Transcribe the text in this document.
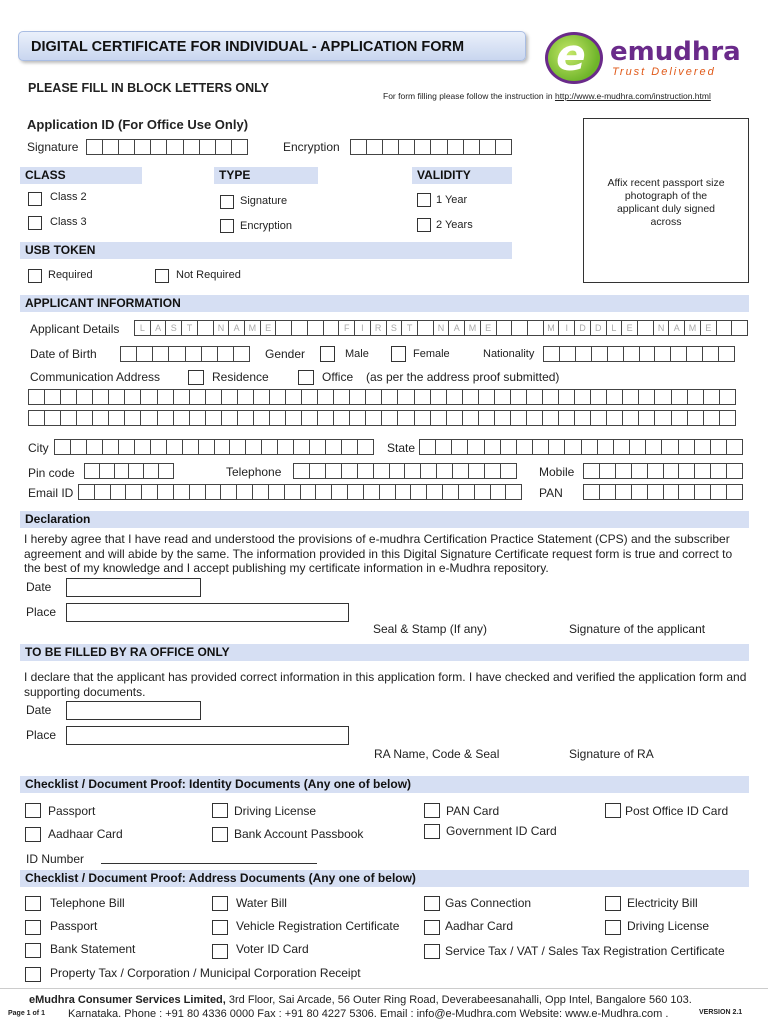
DIGITAL CERTIFICATE FOR INDIVIDUAL - APPLICATION FORM	e emudhra
Trust Delivered
PLEASE FILL IN BLOCK LETTERS ONLY
For form filling please follow the instruction in http://www.e-mudhra.com/instruction.html
Application ID (For Office Use Only)
Signature	Encryption
Affix recent passport size photograph of the applicant duly signed across
CLASS
Class 2
Class 3
TYPE
Signature
Encryption
VALIDITY
1 Year
2 Years
USB TOKEN
Required	Not Required
APPLICANT INFORMATION
Applicant Details	L	A	S	T	N	A M E	F	I	R	S	T	N	A M E	M	I	D	D	L	E	N	A M E
Date of Birth	Gender	Male	Female	Nationality
Communication Address	Residence	Office (as per the address proof submitted)
City	State
Pin code	Telephone	Mobile
Email ID	PAN
Declaration
I hereby agree that I have read and understood the provisions of e-mudhra Certification Practice Statement (CPS) and the subscriber agreement and will abide by the same. The information provided in this Digital Signature Certificate request form is true and correct to the best of my knowledge and I accept publishing my certificate information in e-Mudhra repository.
Date
Place
Seal & Stamp (If any)	Signature of the applicant
TO BE FILLED BY RA OFFICE ONLY
I declare that the applicant has provided correct information in this application form. I have checked and verified the application form and supporting documents.
Date
Place
RA Name, Code & Seal	Signature of RA
Checklist / Document Proof: Identity Documents (Any one of below)
Passport	Driving License	PAN Card	Post Office ID Card
Aadhaar Card	Bank Account Passbook	Government ID Card
ID Number
Checklist / Document Proof: Address Documents (Any one of below)
Telephone Bill	Water Bill	Gas Connection	Electricity Bill
Passport	Vehicle Registration Certificate	Aadhar Card	Driving License
Bank Statement	Voter ID Card	Service Tax / VAT / Sales Tax Registration Certificate
Property Tax / Corporation / Municipal Corporation Receipt
eMudhra Consumer Services Limited, 3rd Floor, Sai Arcade, 56 Outer Ring Road, Deverabeesanahalli, Opp Intel, Bangalore 560 103.
Karnataka. Phone : +91 80 4336 0000 Fax : +91 80 4227 5306. Email : info@e-Mudhra.com Website: www.e-Mudhra.com .
Page 1 of 1	VERSION 2.1
